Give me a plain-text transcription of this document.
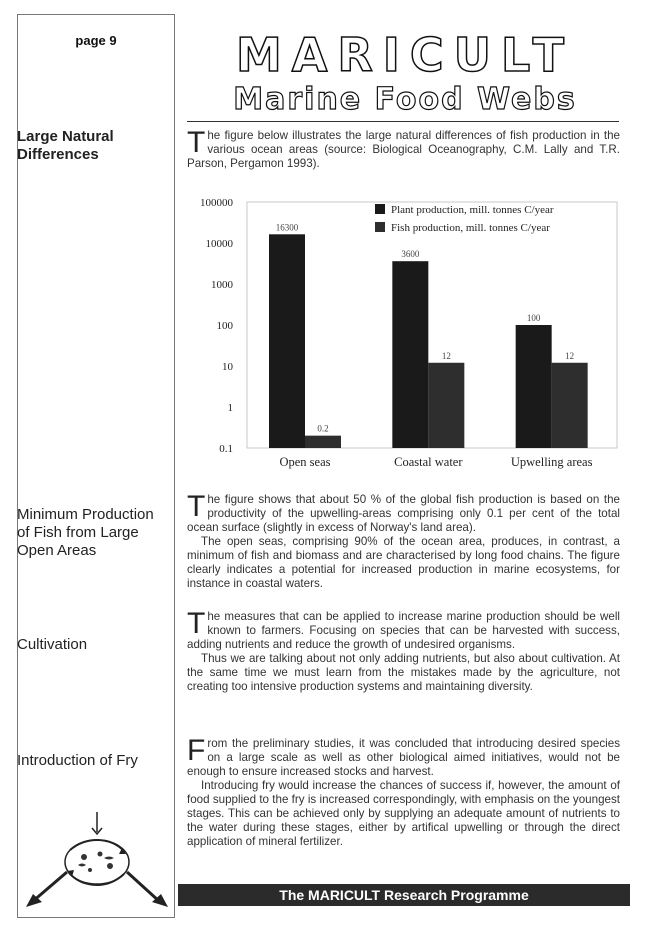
page 9
Large Natural Differences
Minimum Production of Fish from Large Open Areas
Cultivation
Introduction of Fry
MARICULT
Marine Food Webs

The figure below illustrates the large natural differences of fish production in the various ocean areas (source: Biological Oceanography, C.M. Lally and T.R. Parson, Pergamon 1993).

100000
10000
1000
100
10
1
0.1
16300
0.2
Open seas
3600
12
Coastal water
100
12
Upwelling areas
Plant production, mill. tonnes C/year
Fish production, mill. tonnes C/year

The figure shows that about 50 % of the global fish production is based on the productivity of the upwelling-areas comprising only 0.1 per cent of the total ocean surface (slightly in excess of Norway's land area).

The open seas, comprising 90% of the ocean area, produces, in contrast, a minimum of fish and biomass and are characterised by long food chains. The figure clearly indicates a potential for increased production in marine ecosystems, for instance in coastal waters.

The measures that can be applied to increase marine production should be well known to farmers. Focusing on species that can be harvested with success, adding nutrients and reduce the growth of undesired organisms.

Thus we are talking about not only adding nutrients, but also about cultivation. At the same time we must learn from the mistakes made by the agriculture, not creating too intensive production systems and maintaining diversity.

From the preliminary studies, it was concluded that introducing desired species on a large scale as well as other biological aimed initiatives, would not be enough to ensure increased stocks and harvest.

Introducing fry would increase the chances of success if, however, the amount of food supplied to the fry is increased correspondingly, with emphasis on the youngest stages. This can be achieved only by supplying an adequate amount of nutrients to the water during these stages, either by artifical upwelling or through the direct application of mineral fertilizer.

The MARICULT Research Programme
